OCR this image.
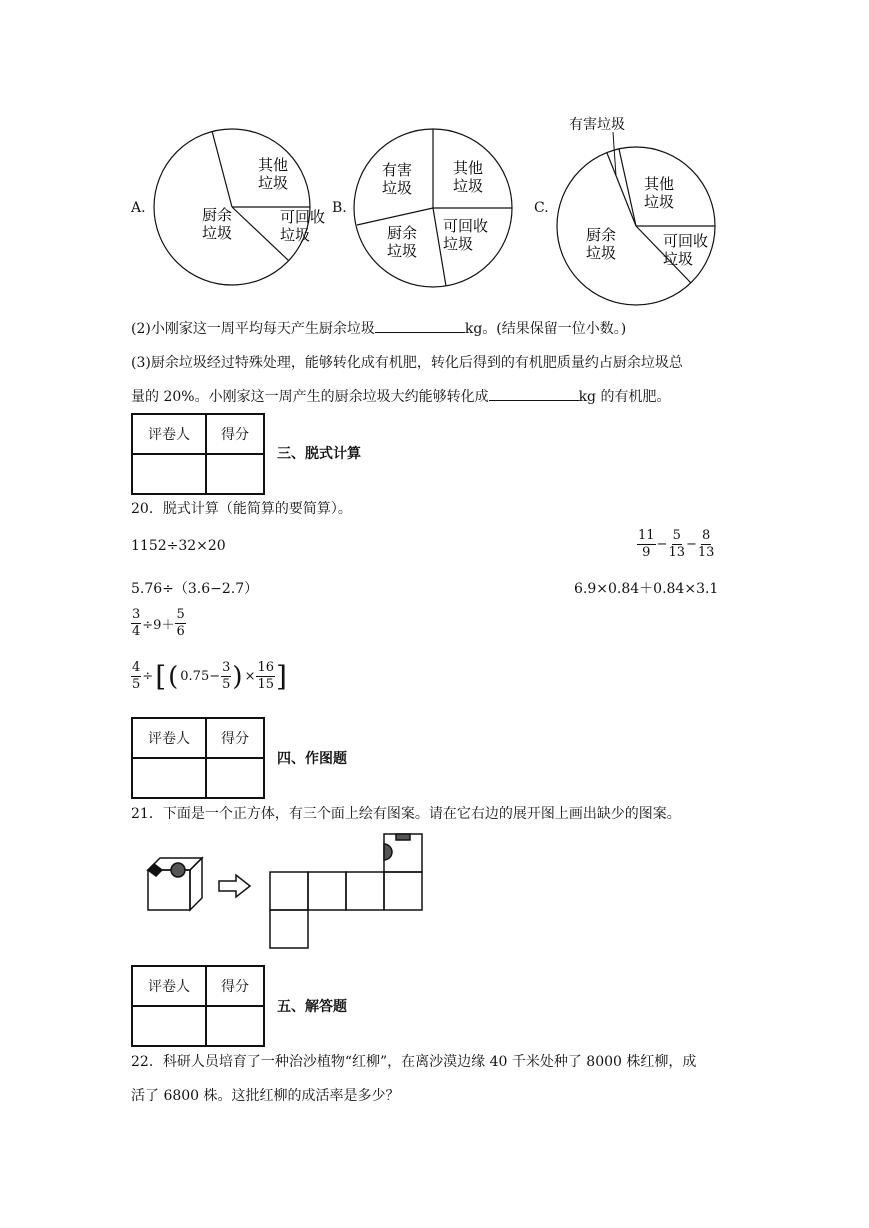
A.
其他垃圾
厨余垃圾
可回收垃圾
B.
有害垃圾
其他垃圾
厨余垃圾
可回收垃圾
C.
有害垃圾
其他垃圾
厨余垃圾
可回收垃圾
(2)小刚家这一周平均每天产生厨余垃圾	kg。(结果保留一位小数。)
(3)厨余垃圾经过特殊处理，能够转化成有机肥，转化后得到的有机肥质量约占厨余垃圾总
量的 20%。小刚家这一周产生的厨余垃圾大约能够转化成	kg 的有机肥。
评卷人	得分

三、脱式计算
20．脱式计算（能简算的要简算）。
1152÷32×20	$\frac{11}{9} - \frac{5}{13} - \frac{8}{13}$
5.76÷（3.6−2.7）	6.9×0.84＋0.84×3.1
$\frac{3}{4} \div 9+ \frac{5}{6}$
$\frac{4}{5}$ ÷ [ ( $0.75- \frac{3}{5}$ ) × $\frac{16}{15}$ ]
评卷人	得分

四、作图题
21．下面是一个正方体，有三个面上绘有图案。请在它右边的展开图上画出缺少的图案。
评卷人	得分

五、解答题
22．科研人员培育了一种治沙植物“红柳”，在离沙漠边缘 40 千米处种了 8000 株红柳，成
活了 6800 株。这批红柳的成活率是多少？
